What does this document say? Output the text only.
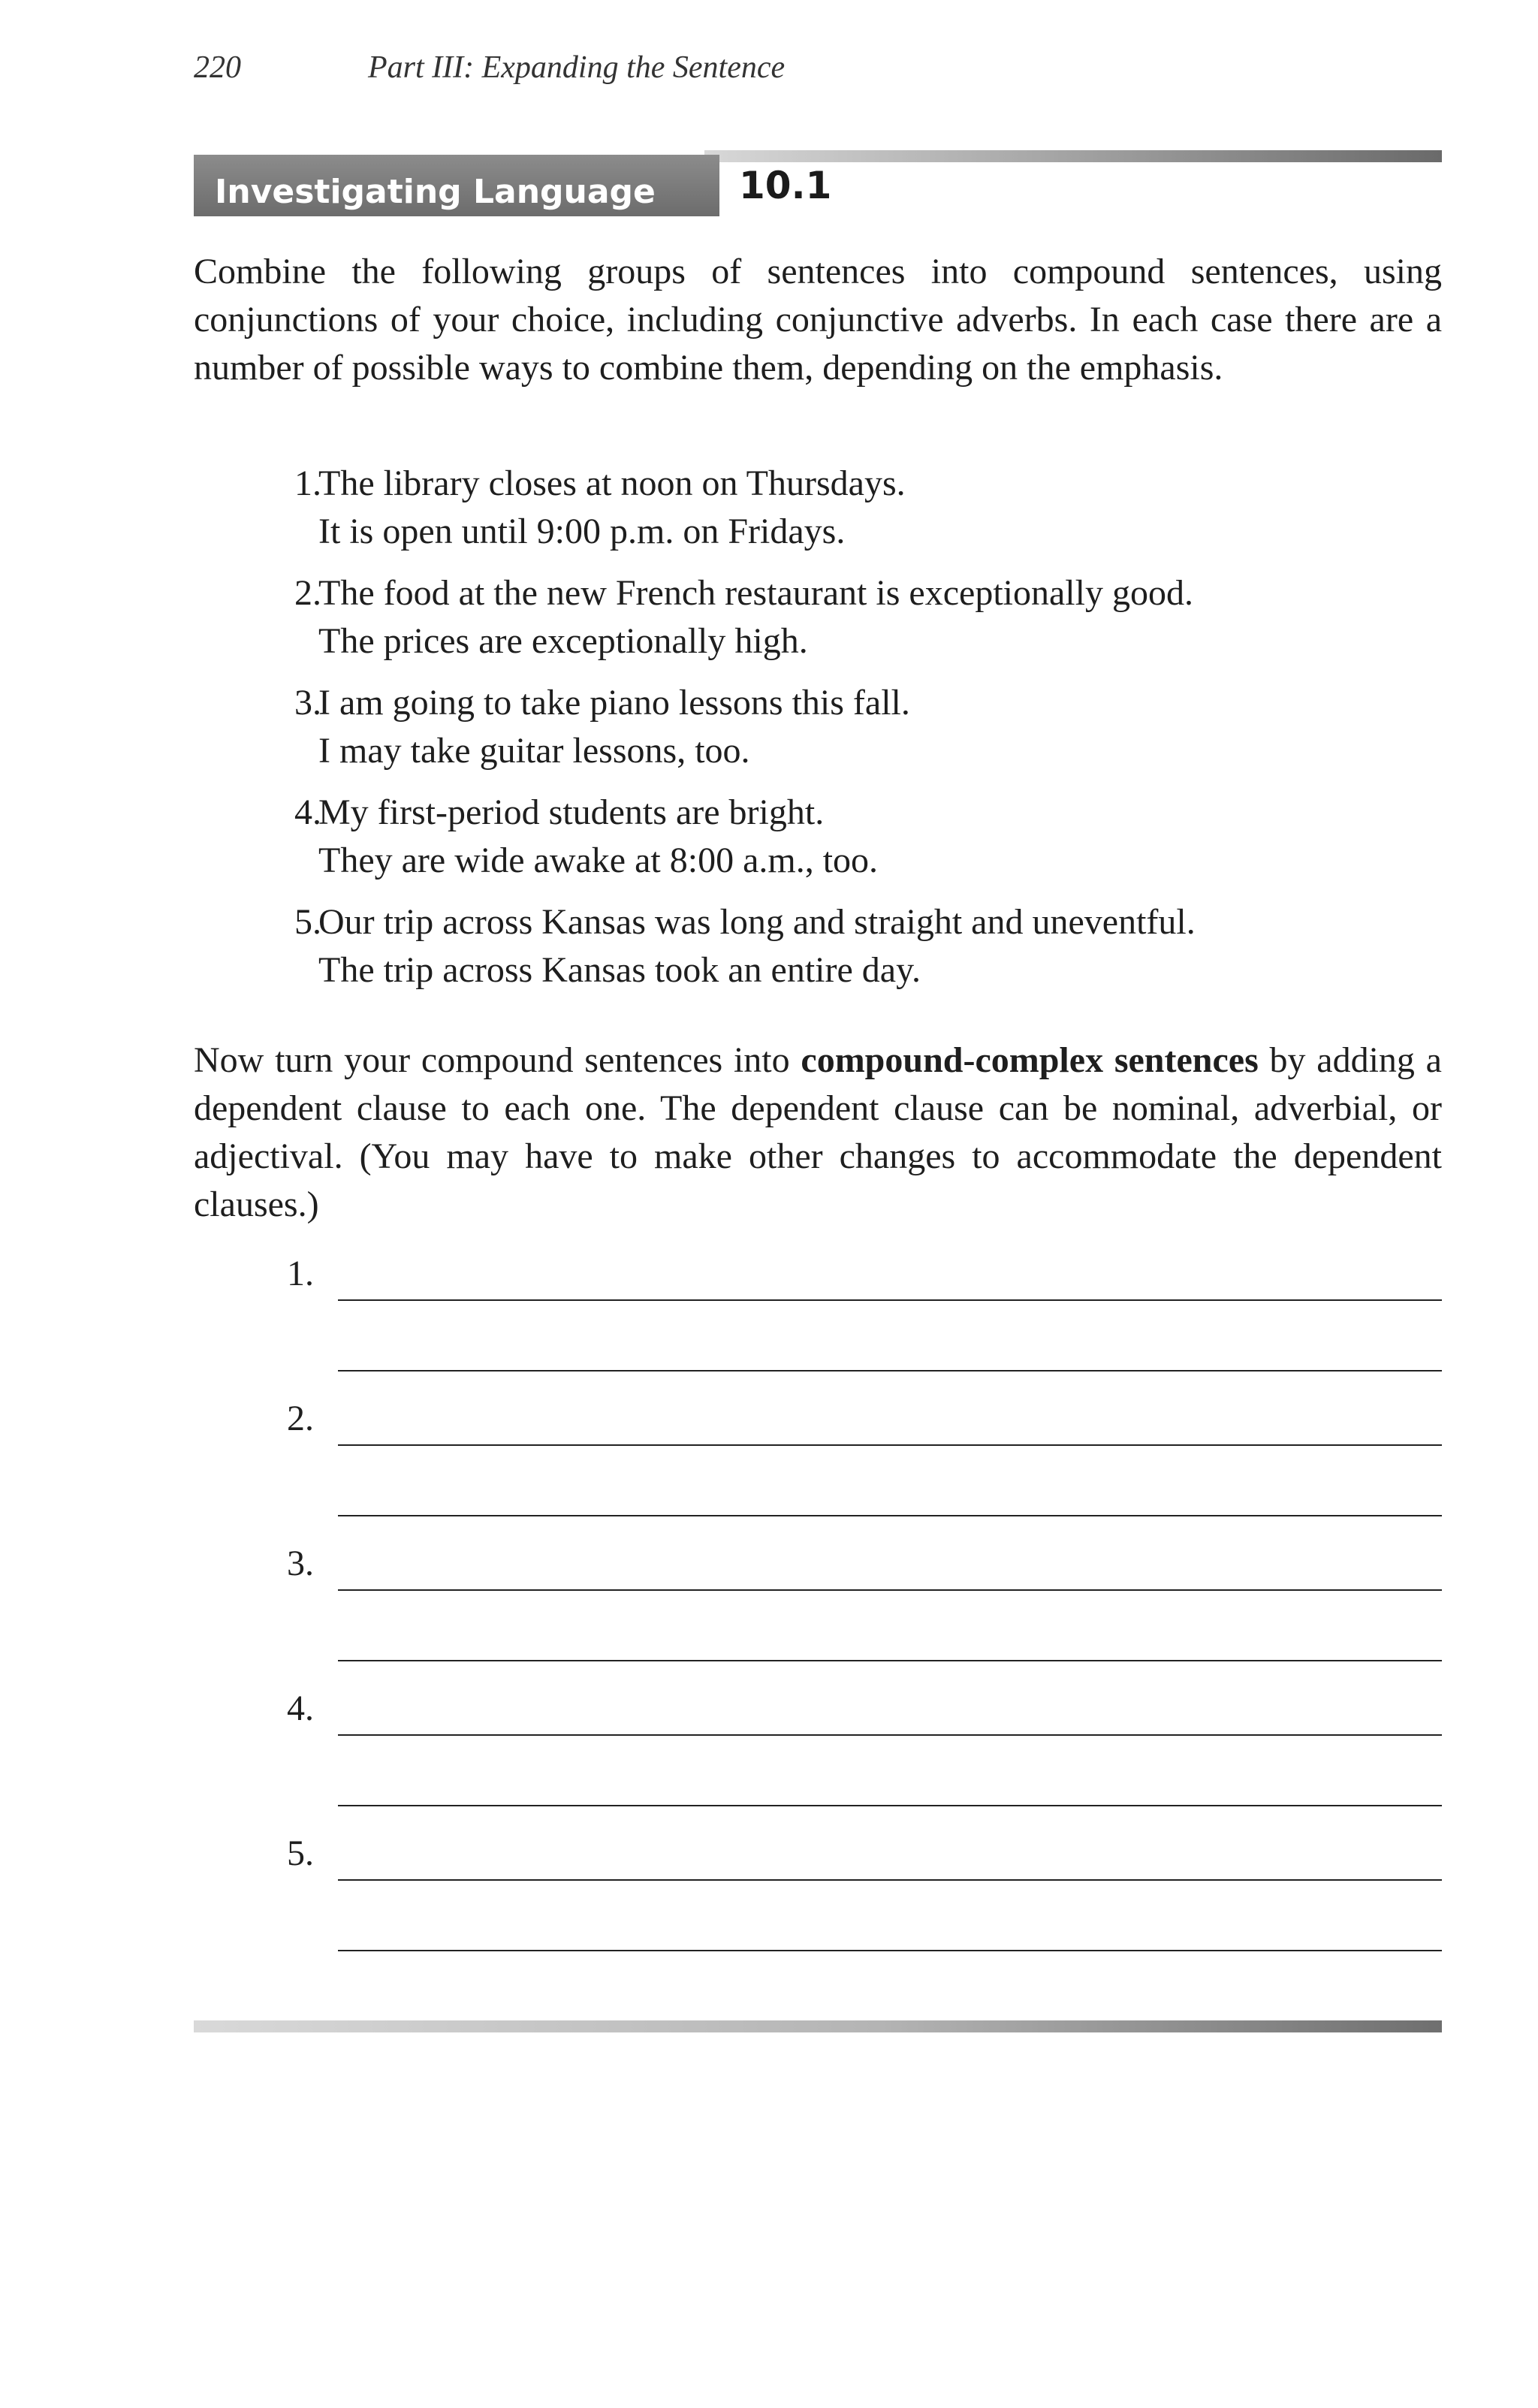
220	Part III: Expanding the Sentence
Investigating Language 10.1

Combine the following groups of sentences into compound sentences, using conjunctions of your choice, including conjunctive adverbs. In each case there are a number of possible ways to combine them, depending on the emphasis.

1.
The library closes at noon on Thursdays.
It is open until 9:00 p.m. on Fridays.
2.
The food at the new French restaurant is exceptionally good.
The prices are exceptionally high.
3.
I am going to take piano lessons this fall.
I may take guitar lessons, too.
4.
My first-period students are bright.
They are wide awake at 8:00 a.m., too.
5.
Our trip across Kansas was long and straight and uneventful.
The trip across Kansas took an entire day.

Now turn your compound sentences into compound-complex sentences by adding a dependent clause to each one. The dependent clause can be nominal, adverbial, or adjectival. (You may have to make other changes to accommodate the dependent clauses.)

1.
2.
3.
4.
5.
